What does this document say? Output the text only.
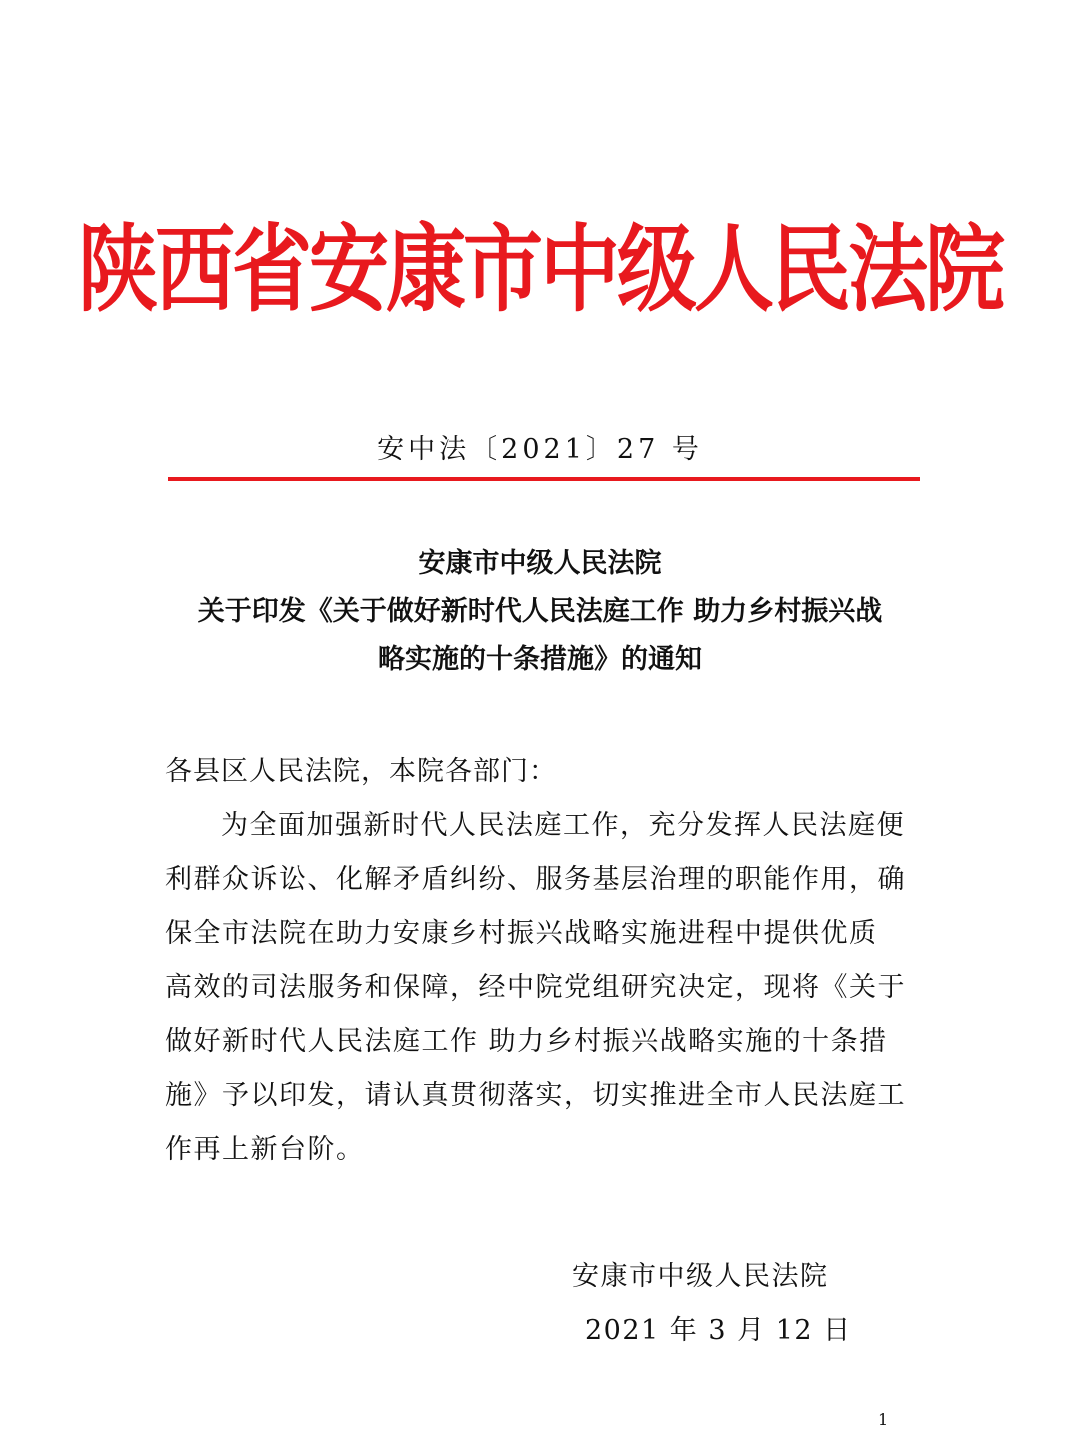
陕西省安康市中级人民法院
安中法〔2021〕27 号
安康市中级人民法院
关于印发《关于做好新时代人民法庭工作 助力乡村振兴战
略实施的十条措施》的通知
各县区人民法院，本院各部门：
为全面加强新时代人民法庭工作，充分发挥人民法庭便
利群众诉讼、化解矛盾纠纷、服务基层治理的职能作用，确
保全市法院在助力安康乡村振兴战略实施进程中提供优质
高效的司法服务和保障，经中院党组研究决定，现将《关于
做好新时代人民法庭工作 助力乡村振兴战略实施的十条措
施》予以印发，请认真贯彻落实，切实推进全市人民法庭工
作再上新台阶。
安康市中级人民法院
2021 年 3 月 12 日
1
